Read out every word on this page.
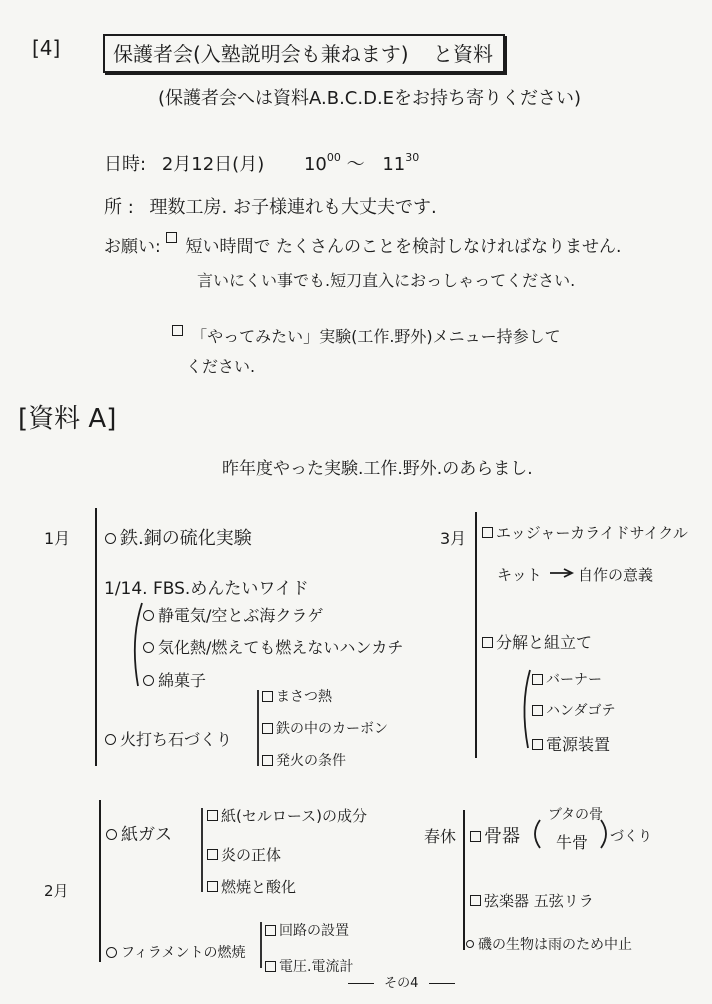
[4]	保護者会(入塾説明会も兼ねます) と資料
(保護者会へは資料A.B.C.D.Eをお持ち寄りください)
日時: 2月12日(月) $10^{00}$ 〜 $11^{30}$
所 : 理数工房. お子様連れも大丈夫です.
お願い: 短い時間で たくさんのことを検討しなければなりません.
言いにくい事でも.短刀直入におっしゃってください.
「やってみたい」実験(工作.野外)メニュー持参して
ください.
[資料 A]
昨年度やった実験.工作.野外.のあらまし.
1月	鉄.銅の硫化実験
1/14. FBS.めんたいワイド
静電気/空とぶ海クラゲ
気化熱/燃えても燃えないハンカチ
綿菓子
火打ち石づくり
まさつ熱
鉄の中のカーボン
発火の条件
3月	エッジャーカライドサイクル
キット 自作の意義
分解と組立て
バーナー
ハンダゴテ
電源装置
2月
紙ガス
紙(セルロース)の成分
炎の正体
燃焼と酸化
フィラメントの燃焼
回路の設置
電圧.電流計
春休	骨器
ブタの骨
牛骨 づくり
弦楽器 五弦リラ
磯の生物は雨のため中止
その4
